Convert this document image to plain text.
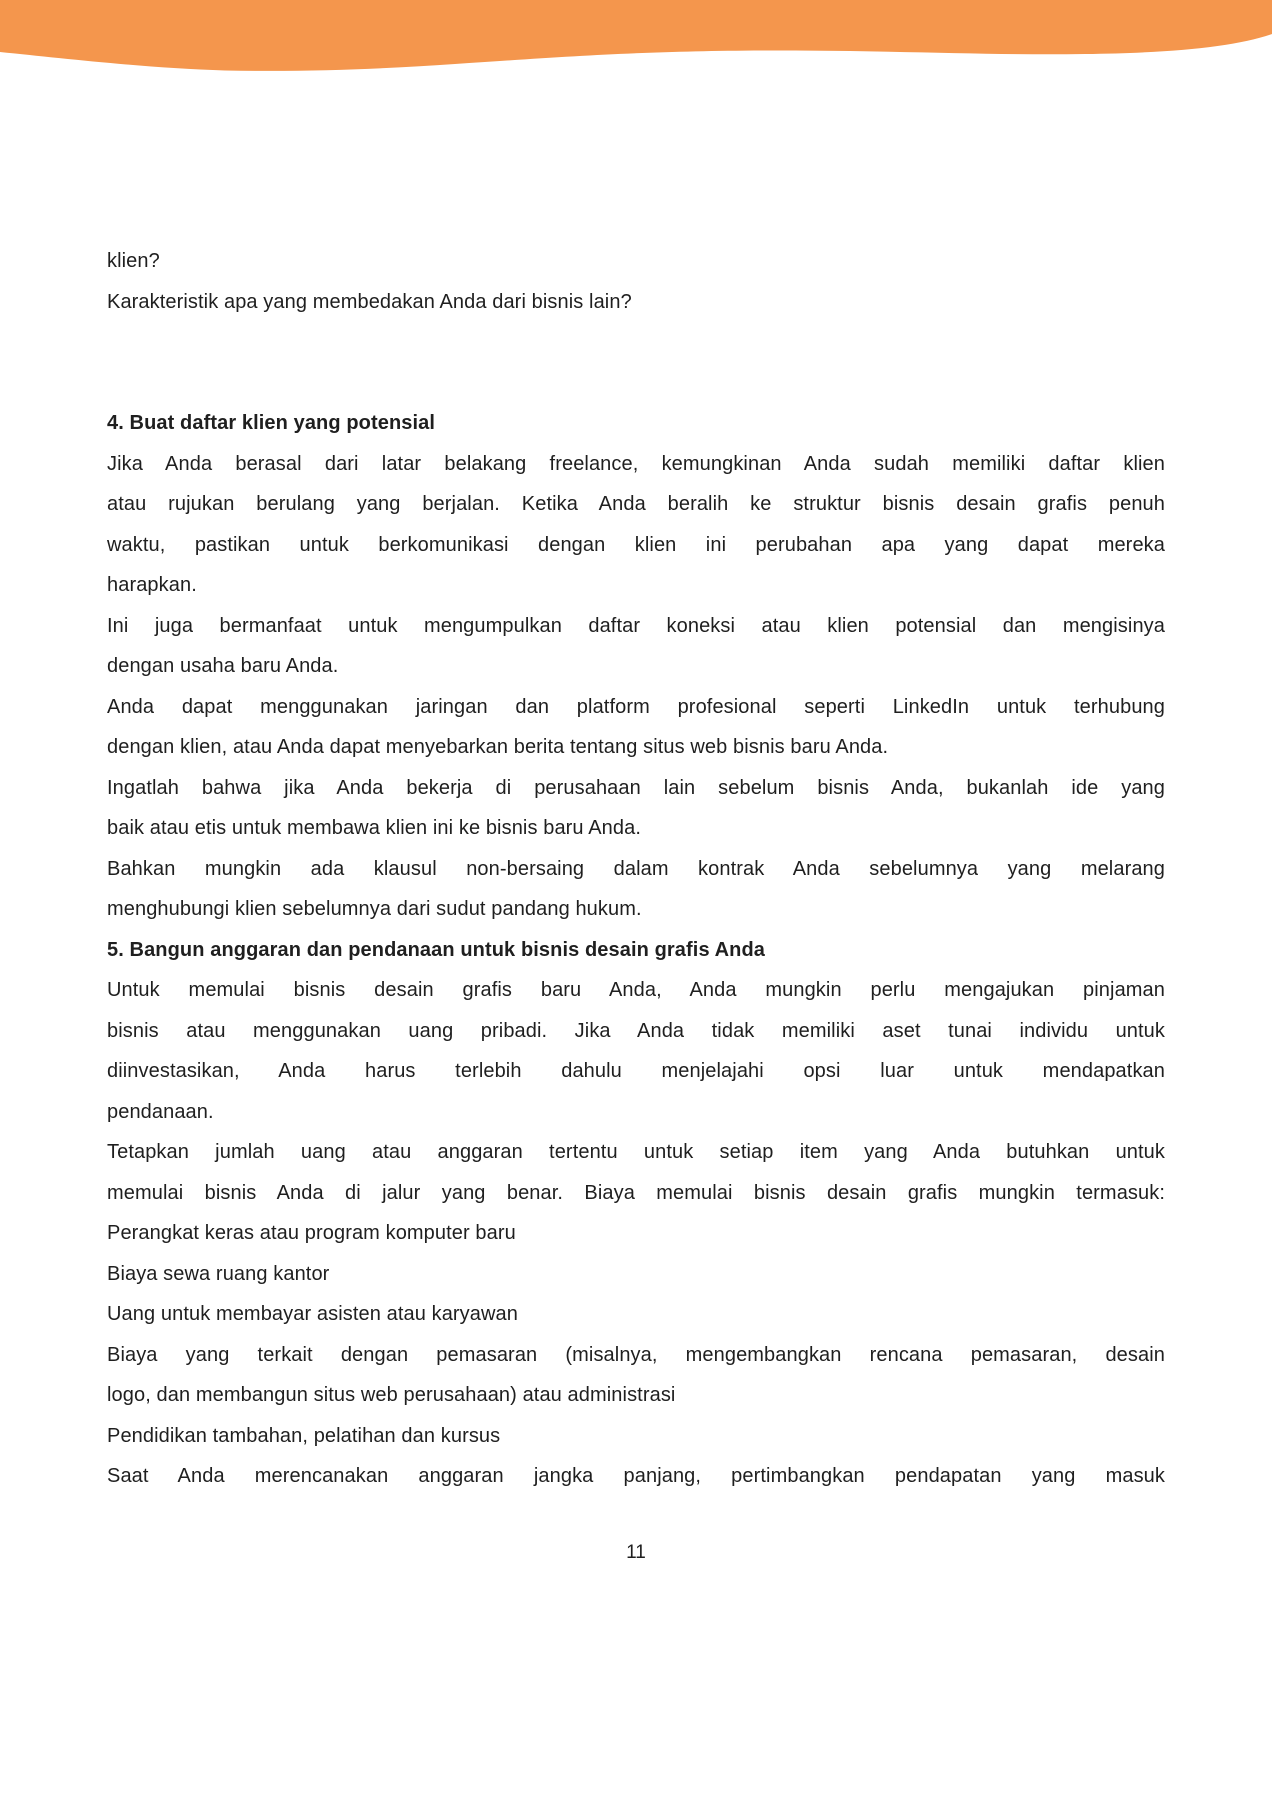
klien?
Karakteristik apa yang membedakan Anda dari bisnis lain?

4. Buat daftar klien yang potensial
Jika Anda berasal dari latar belakang freelance, kemungkinan Anda sudah memiliki daftar klien
atau rujukan berulang yang berjalan. Ketika Anda beralih ke struktur bisnis desain grafis penuh
waktu, pastikan untuk berkomunikasi dengan klien ini perubahan apa yang dapat mereka
harapkan.
Ini juga bermanfaat untuk mengumpulkan daftar koneksi atau klien potensial dan mengisinya
dengan usaha baru Anda.
Anda dapat menggunakan jaringan dan platform profesional seperti LinkedIn untuk terhubung
dengan klien, atau Anda dapat menyebarkan berita tentang situs web bisnis baru Anda.
Ingatlah bahwa jika Anda bekerja di perusahaan lain sebelum bisnis Anda, bukanlah ide yang
baik atau etis untuk membawa klien ini ke bisnis baru Anda.
Bahkan mungkin ada klausul non-bersaing dalam kontrak Anda sebelumnya yang melarang
menghubungi klien sebelumnya dari sudut pandang hukum.
5. Bangun anggaran dan pendanaan untuk bisnis desain grafis Anda
Untuk memulai bisnis desain grafis baru Anda, Anda mungkin perlu mengajukan pinjaman
bisnis atau menggunakan uang pribadi. Jika Anda tidak memiliki aset tunai individu untuk
diinvestasikan, Anda harus terlebih dahulu menjelajahi opsi luar untuk mendapatkan
pendanaan.
Tetapkan jumlah uang atau anggaran tertentu untuk setiap item yang Anda butuhkan untuk
memulai bisnis Anda di jalur yang benar. Biaya memulai bisnis desain grafis mungkin termasuk:
Perangkat keras atau program komputer baru
Biaya sewa ruang kantor
Uang untuk membayar asisten atau karyawan
Biaya yang terkait dengan pemasaran (misalnya, mengembangkan rencana pemasaran, desain
logo, dan membangun situs web perusahaan) atau administrasi
Pendidikan tambahan, pelatihan dan kursus
Saat Anda merencanakan anggaran jangka panjang, pertimbangkan pendapatan yang masuk
11
